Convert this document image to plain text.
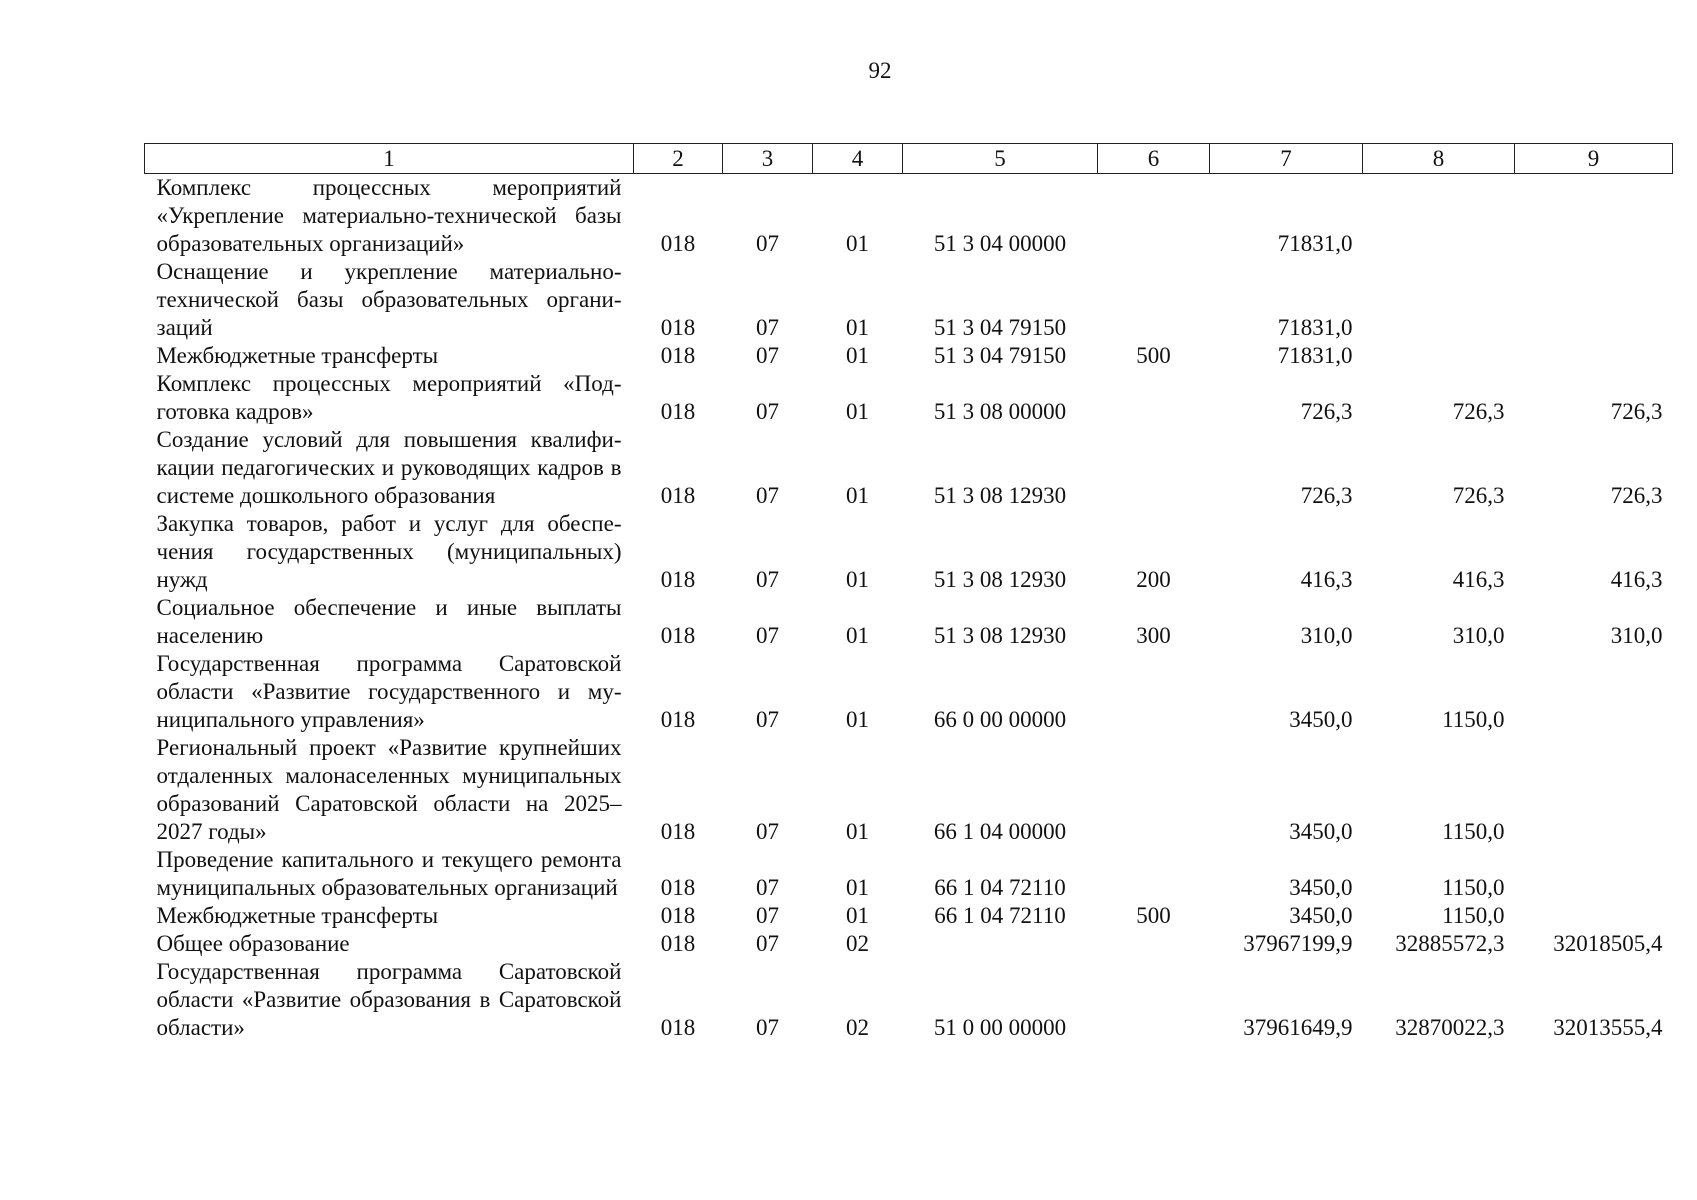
92
1	2	3	4	5	6	7	8	9
Комплекс процессных мероприятий «Укрепление материально-технической базы образовательных организаций»	018	07	01	51 3 04 00000		71831,0		
Оснащение и укрепление материально-технической базы образовательных организаций	018	07	01	51 3 04 79150		71831,0		
Межбюджетные трансферты	018	07	01	51 3 04 79150	500	71831,0		
Комплекс процессных мероприятий «Подготовка кадров»	018	07	01	51 3 08 00000		726,3	726,3	726,3
Создание условий для повышения квалификации педагогических и руководящих кадров в системе дошкольного образования	018	07	01	51 3 08 12930		726,3	726,3	726,3
Закупка товаров, работ и услуг для обеспечения государственных (муниципальных) нужд	018	07	01	51 3 08 12930	200	416,3	416,3	416,3
Социальное обеспечение и иные выплаты населению	018	07	01	51 3 08 12930	300	310,0	310,0	310,0
Государственная программа Саратовской области «Развитие государственного и муниципального управления»	018	07	01	66 0 00 00000		3450,0	1150,0	
Региональный проект «Развитие крупнейших отдаленных малонаселенных муниципальных образований Саратовской области на 2025–2027 годы»	018	07	01	66 1 04 00000		3450,0	1150,0	
Проведение капитального и текущего ремонта муниципальных образовательных организаций	018	07	01	66 1 04 72110		3450,0	1150,0	
Межбюджетные трансферты	018	07	01	66 1 04 72110	500	3450,0	1150,0	
Общее образование	018	07	02			37967199,9	32885572,3	32018505,4
Государственная программа Саратовской области «Развитие образования в Саратовской области»	018	07	02	51 0 00 00000		37961649,9	32870022,3	32013555,4
